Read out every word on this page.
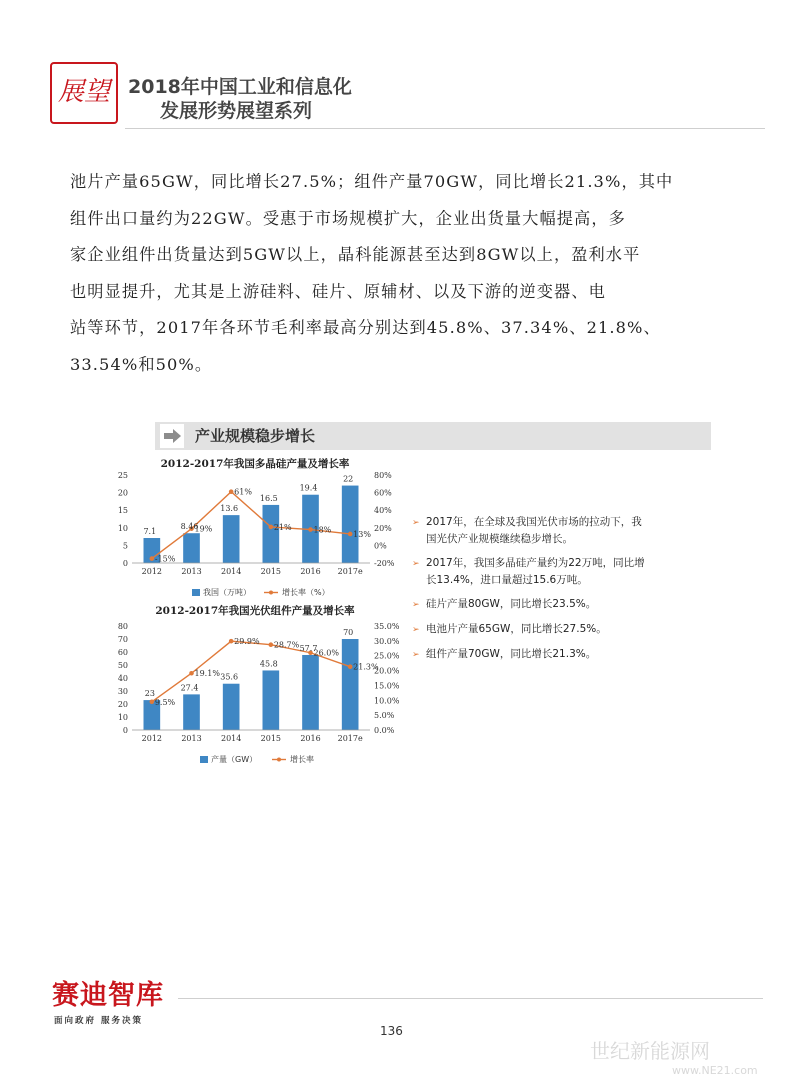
展望 2018年中国工业和信息化
发展形势展望系列
池片产量65GW，同比增长27.5%；组件产量70GW，同比增长21.3%，其中
组件出口量约为22GW。受惠于市场规模扩大，企业出货量大幅提高，多
家企业组件出货量达到5GW以上，晶科能源甚至达到8GW以上，盈利水平
也明显提升，尤其是上游硅料、硅片、原辅材、以及下游的逆变器、电
站等环节，2017年各环节毛利率最高分别达到45.8%、37.34%、21.8%、
33.54%和50%。
产业规模稳步增长
2012-2017年我国多晶硅产量及增长率
7.1
8.46
13.6
16.5
19.4
22
-15%
19%
61%
21%	18%	13%
0
5
10
15
20
25
-20%
0%
20%
40%
60%
80%
2012 2013 2014 2015 2016 2017e
我国（万吨）	增长率（%）
2012-2017年我国光伏组件产量及增长率
23
27.4
35.6
45.8
57.7
70
9.5%
19.1%
29.9% 28.7%
26.0%
21.3%
0
10
20
30
40
50
60
70
80
0.0%
5.0%
10.0%
15.0%
20.0%
25.0%
30.0%
35.0%
2012 2013 2014 2015 2016 2017e
产量（GW）	增长率
➢ 2017年，在全球及我国光伏市场的拉动下，我国光伏产业规模继续稳步增长。
➢ 2017年，我国多晶硅产量约为22万吨，同比增长13.4%，进口量超过15.6万吨。
➢ 硅片产量80GW，同比增长23.5%。
➢ 电池片产量65GW，同比增长27.5%。
➢ 组件产量70GW，同比增长21.3%。
赛迪智库
面向政府 服务决策
136
世纪新能源网
www.NE21.com
